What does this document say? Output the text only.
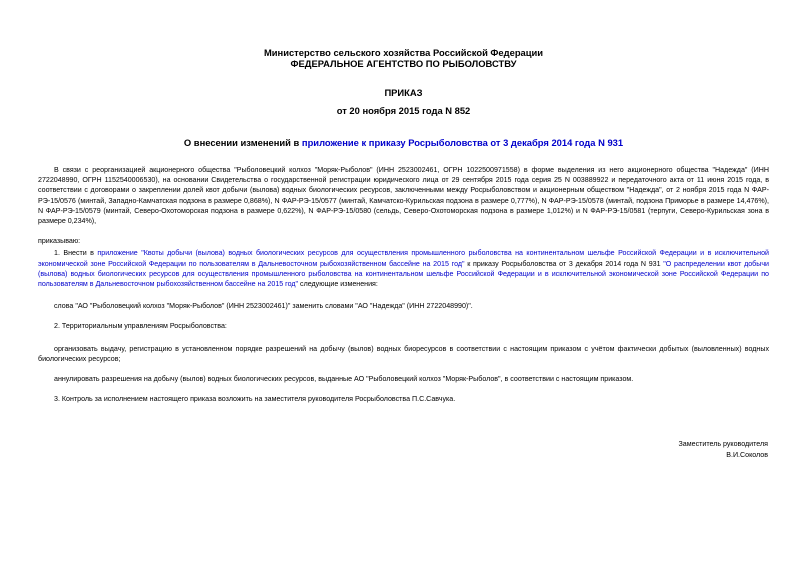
Министерство сельского хозяйства Российской Федерации
ФЕДЕРАЛЬНОЕ АГЕНТСТВО ПО РЫБОЛОВСТВУ
ПРИКАЗ
от 20 ноября 2015 года N 852
О внесении изменений в приложение к приказу Росрыболовства от 3 декабря 2014 года N 931

В связи с реорганизацией акционерного общества "Рыболовецкий колхоз "Моряк-Рыболов" (ИНН 2523002461, ОГРН 1022500971558) в форме выделения из него акционерного общества "Надежда" (ИНН 2722048990, ОГРН 1152540006530), на основании Свидетельства о государственной регистрации юридического лица от 29 сентября 2015 года серия 25 N 003889922 и передаточного акта от 11 июня 2015 года, в соответствии с договорами о закреплении долей квот добычи (вылова) водных биологических ресурсов, заключенными между Росрыболовством и акционерным обществом "Надежда", от 2 ноября 2015 года N ФАР-РЭ-15/0576 (минтай, Западно-Камчатская подзона в размере 0,868%), N ФАР-РЭ-15/0577 (минтай, Камчатско-Курильская подзона в размере 0,777%), N ФАР-РЭ-15/0578 (минтай, подзона Приморье в размере 14,476%), N ФАР-РЭ-15/0579 (минтай, Северо-Охотоморская подзона в размере 0,622%), N ФАР-РЭ-15/0580 (сельдь, Северо-Охотоморская подзона в размере 1,012%) и N ФАР-РЭ-15/0581 (терпуги, Северо-Курильская зона в размере 0,234%),

приказываю:

1. Внести в приложение "Квоты добычи (вылова) водных биологических ресурсов для осуществления промышленного рыболовства на континентальном шельфе Российской Федерации и в исключительной экономической зоне Российской Федерации по пользователям в Дальневосточном рыбохозяйственном бассейне на 2015 год" к приказу Росрыболовства от 3 декабря 2014 года N 931 "О распределении квот добычи (вылова) водных биологических ресурсов для осуществления промышленного рыболовства на континентальном шельфе Российской Федерации и в исключительной экономической зоне Российской Федерации по пользователям в Дальневосточном рыбохозяйственном бассейне на 2015 год" следующие изменения:

слова "АО "Рыболовецкий колхоз "Моряк-Рыболов" (ИНН 2523002461)" заменить словами "АО "Надежда" (ИНН 2722048990)".

2. Территориальным управлениям Росрыболовства:

организовать выдачу, регистрацию в установленном порядке разрешений на добычу (вылов) водных биоресурсов в соответствии с настоящим приказом с учётом фактически добытых (выловленных) водных биологических ресурсов;

аннулировать разрешения на добычу (вылов) водных биологических ресурсов, выданные АО "Рыболовецкий колхоз "Моряк-Рыболов", в соответствии с настоящим приказом.

3. Контроль за исполнением настоящего приказа возложить на заместителя руководителя Росрыболовства П.С.Савчука.

Заместитель руководителя
В.И.Соколов
